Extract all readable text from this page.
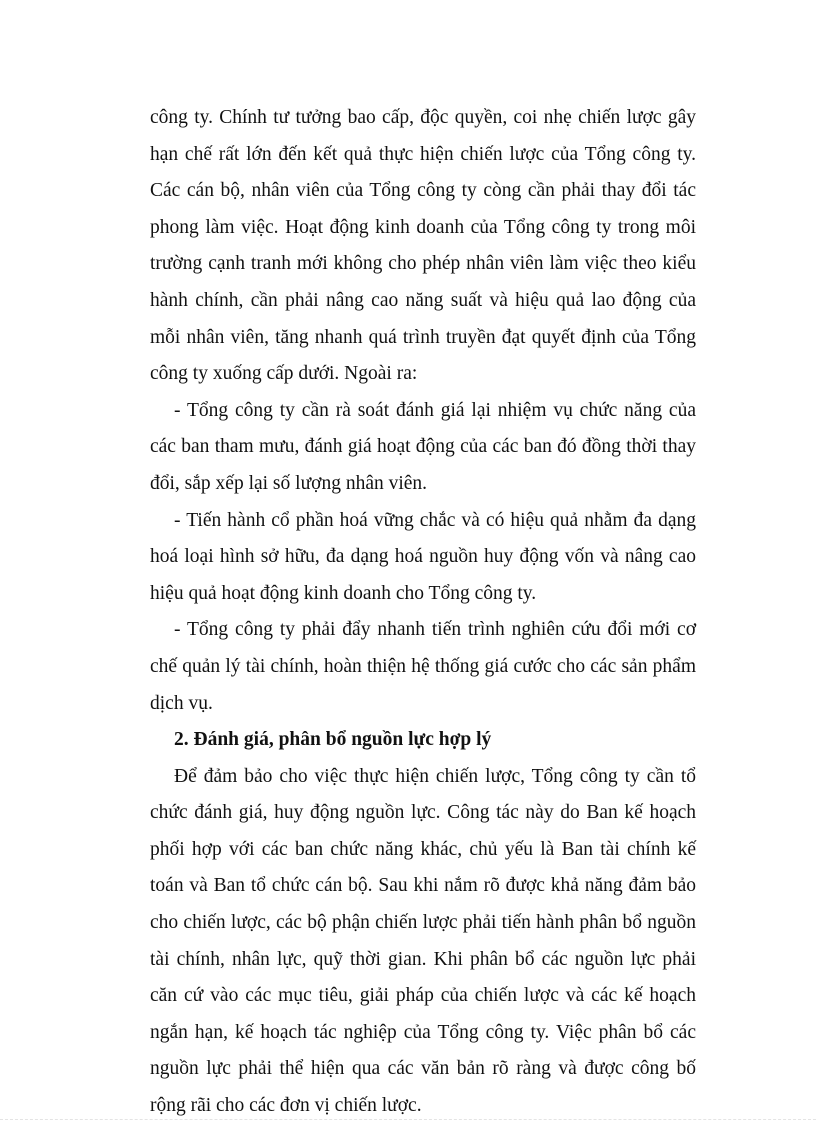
công ty. Chính tư tưởng bao cấp, độc quyền, coi nhẹ chiến lược gây hạn chế rất lớn đến kết quả thực hiện chiến lược của Tổng công ty. Các cán bộ, nhân viên của Tổng công ty còng cần phải thay đổi tác phong làm việc. Hoạt động kinh doanh của Tổng công ty trong môi trường cạnh tranh mới không cho phép nhân viên làm việc theo kiểu hành chính, cần phải nâng cao năng suất và hiệu quả lao động của mỗi nhân viên, tăng nhanh quá trình truyền đạt quyết định của Tổng công ty xuống cấp dưới. Ngoài ra:

- Tổng công ty cần rà soát đánh giá lại nhiệm vụ chức năng của các ban tham mưu, đánh giá hoạt động của các ban đó đồng thời thay đổi, sắp xếp lại số lượng nhân viên.

- Tiến hành cổ phần hoá vững chắc và có hiệu quả nhằm đa dạng hoá loại hình sở hữu, đa dạng hoá nguồn huy động vốn và nâng cao hiệu quả hoạt động kinh doanh cho Tổng công ty.

- Tổng công ty phải đẩy nhanh tiến trình nghiên cứu đổi mới cơ chế quản lý tài chính, hoàn thiện hệ thống giá cước cho các sản phẩm dịch vụ.

2. Đánh giá, phân bổ nguồn lực hợp lý

Để đảm bảo cho việc thực hiện chiến lược, Tổng công ty cần tổ chức đánh giá, huy động nguồn lực. Công tác này do Ban kế hoạch phối hợp với các ban chức năng khác, chủ yếu là Ban tài chính kế toán và Ban tổ chức cán bộ. Sau khi nắm rõ được khả năng đảm bảo cho chiến lược, các bộ phận chiến lược phải tiến hành phân bổ nguồn tài chính, nhân lực, quỹ thời gian. Khi phân bổ các nguồn lực phải căn cứ vào các mục tiêu, giải pháp của chiến lược và các kế hoạch ngắn hạn, kế hoạch tác nghiệp của Tổng công ty. Việc phân bổ các nguồn lực phải thể hiện qua các văn bản rõ ràng và được công bố rộng rãi cho các đơn vị chiến lược.
